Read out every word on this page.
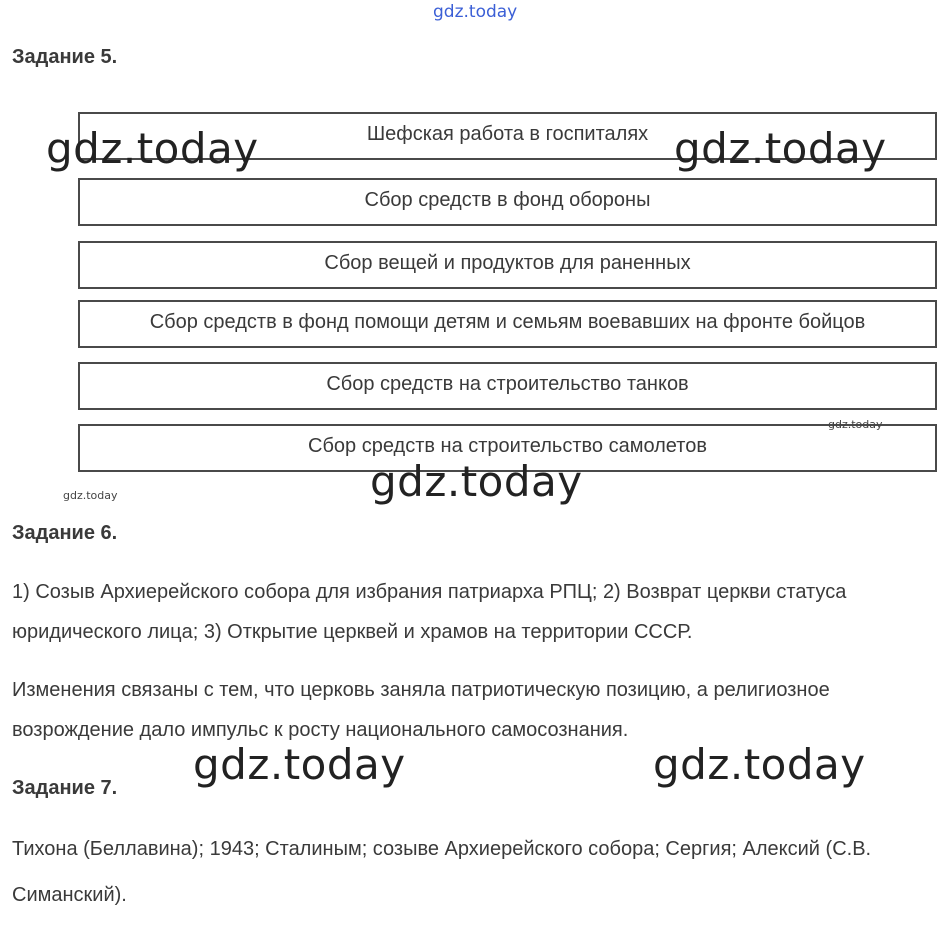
gdz.today
Задание 5.
Шефская работа в госпиталях
Сбор средств в фонд обороны
Сбор вещей и продуктов для раненных
Сбор средств в фонд помощи детям и семьям воевавших на фронте бойцов
Сбор средств на строительство танков
Сбор средств на строительство самолетов
gdz.today	gdz.today
gdz.today
gdz.today
gdz.today
Задание 6.

1) Созыв Архиерейского собора для избрания патриарха РПЦ; 2) Возврат церкви статуса юридического лица; 3) Открытие церквей и храмов на территории СССР.

Изменения связаны с тем, что церковь заняла патриотическую позицию, а религиозное возрождение дало импульс к росту национального самосознания.

gdz.today	gdz.today
Задание 7.

Тихона (Беллавина); 1943; Сталиным; созыве Архиерейского собора; Сергия; Алексий (С.В. Симанский).
